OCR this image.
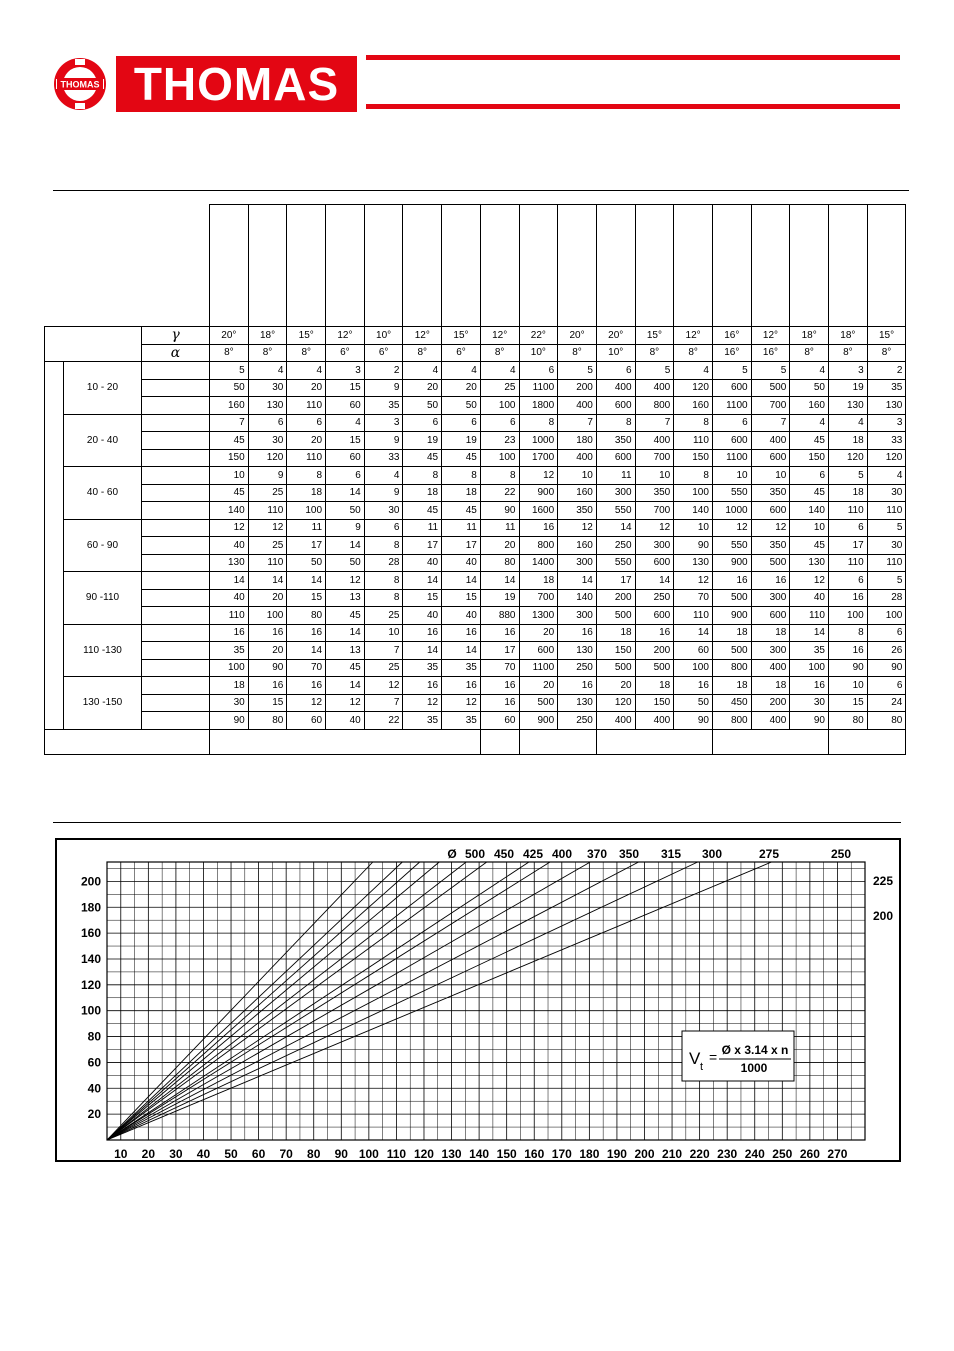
THOMAS THOMAS

		γ	20°	18°	15°	12°	10°	12°	15°	12°	22°	20°	20°	15°	12°	16°	12°	18°	18°	15°
		α	8°	8°	8°	6°	6°	8°	6°	8°	10°	8°	10°	8°	8°	16°	16°	8°	8°	8°
	10 - 20		5	4	4	3	2	4	4	4	6	5	6	5	4	5	5	4	3	2
			50	30	20	15	9	20	20	25	1100	200	400	400	120	600	500	50	19	35
			160	130	110	60	35	50	50	100	1800	400	600	800	160	1100	700	160	130	130
	20 - 40		7	6	6	4	3	6	6	6	8	7	8	7	8	6	7	4	4	3
			45	30	20	15	9	19	19	23	1000	180	350	400	110	600	400	45	18	33
			150	120	110	60	33	45	45	100	1700	400	600	700	150	1100	600	150	120	120
	40 - 60		10	9	8	6	4	8	8	8	12	10	11	10	8	10	10	6	5	4
			45	25	18	14	9	18	18	22	900	160	300	350	100	550	350	45	18	30
			140	110	100	50	30	45	45	90	1600	350	550	700	140	1000	600	140	110	110
	60 - 90		12	12	11	9	6	11	11	11	16	12	14	12	10	12	12	10	6	5
			40	25	17	14	8	17	17	20	800	160	250	300	90	550	350	45	17	30
			130	110	50	50	28	40	40	80	1400	300	550	600	130	900	500	130	110	110
	90 -110		14	14	14	12	8	14	14	14	18	14	17	14	12	16	16	12	6	5
			40	20	15	13	8	15	15	19	700	140	200	250	70	500	300	40	16	28
			110	100	80	45	25	40	40	880	1300	300	500	600	110	900	600	110	100	100
	110 -130		16	16	16	14	10	16	16	16	20	16	18	16	14	18	18	14	8	6
			35	20	14	13	7	14	14	17	600	130	150	200	60	500	300	35	16	26
			100	90	70	45	25	35	35	70	1100	250	500	500	100	800	400	100	90	90
	130 -150		18	16	16	14	12	16	16	16	20	16	20	18	16	18	18	16	10	6
			30	15	12	12	7	12	12	16	500	130	120	150	50	450	200	30	15	24
			90	80	60	40	22	35	35	60	900	250	400	400	90	800	400	90	80	80

10 20 30 40 50 60 70 80 90 100 110 120 130 140 150 160 170 180 190 200 210 220 230 240 250 260 270
20
40
60
80
100
120
140
160
180
200
Ø 500 450 425 400 370 350 315 300	275	250
225
200
V t
= Ø x 3.14 x n
1000
